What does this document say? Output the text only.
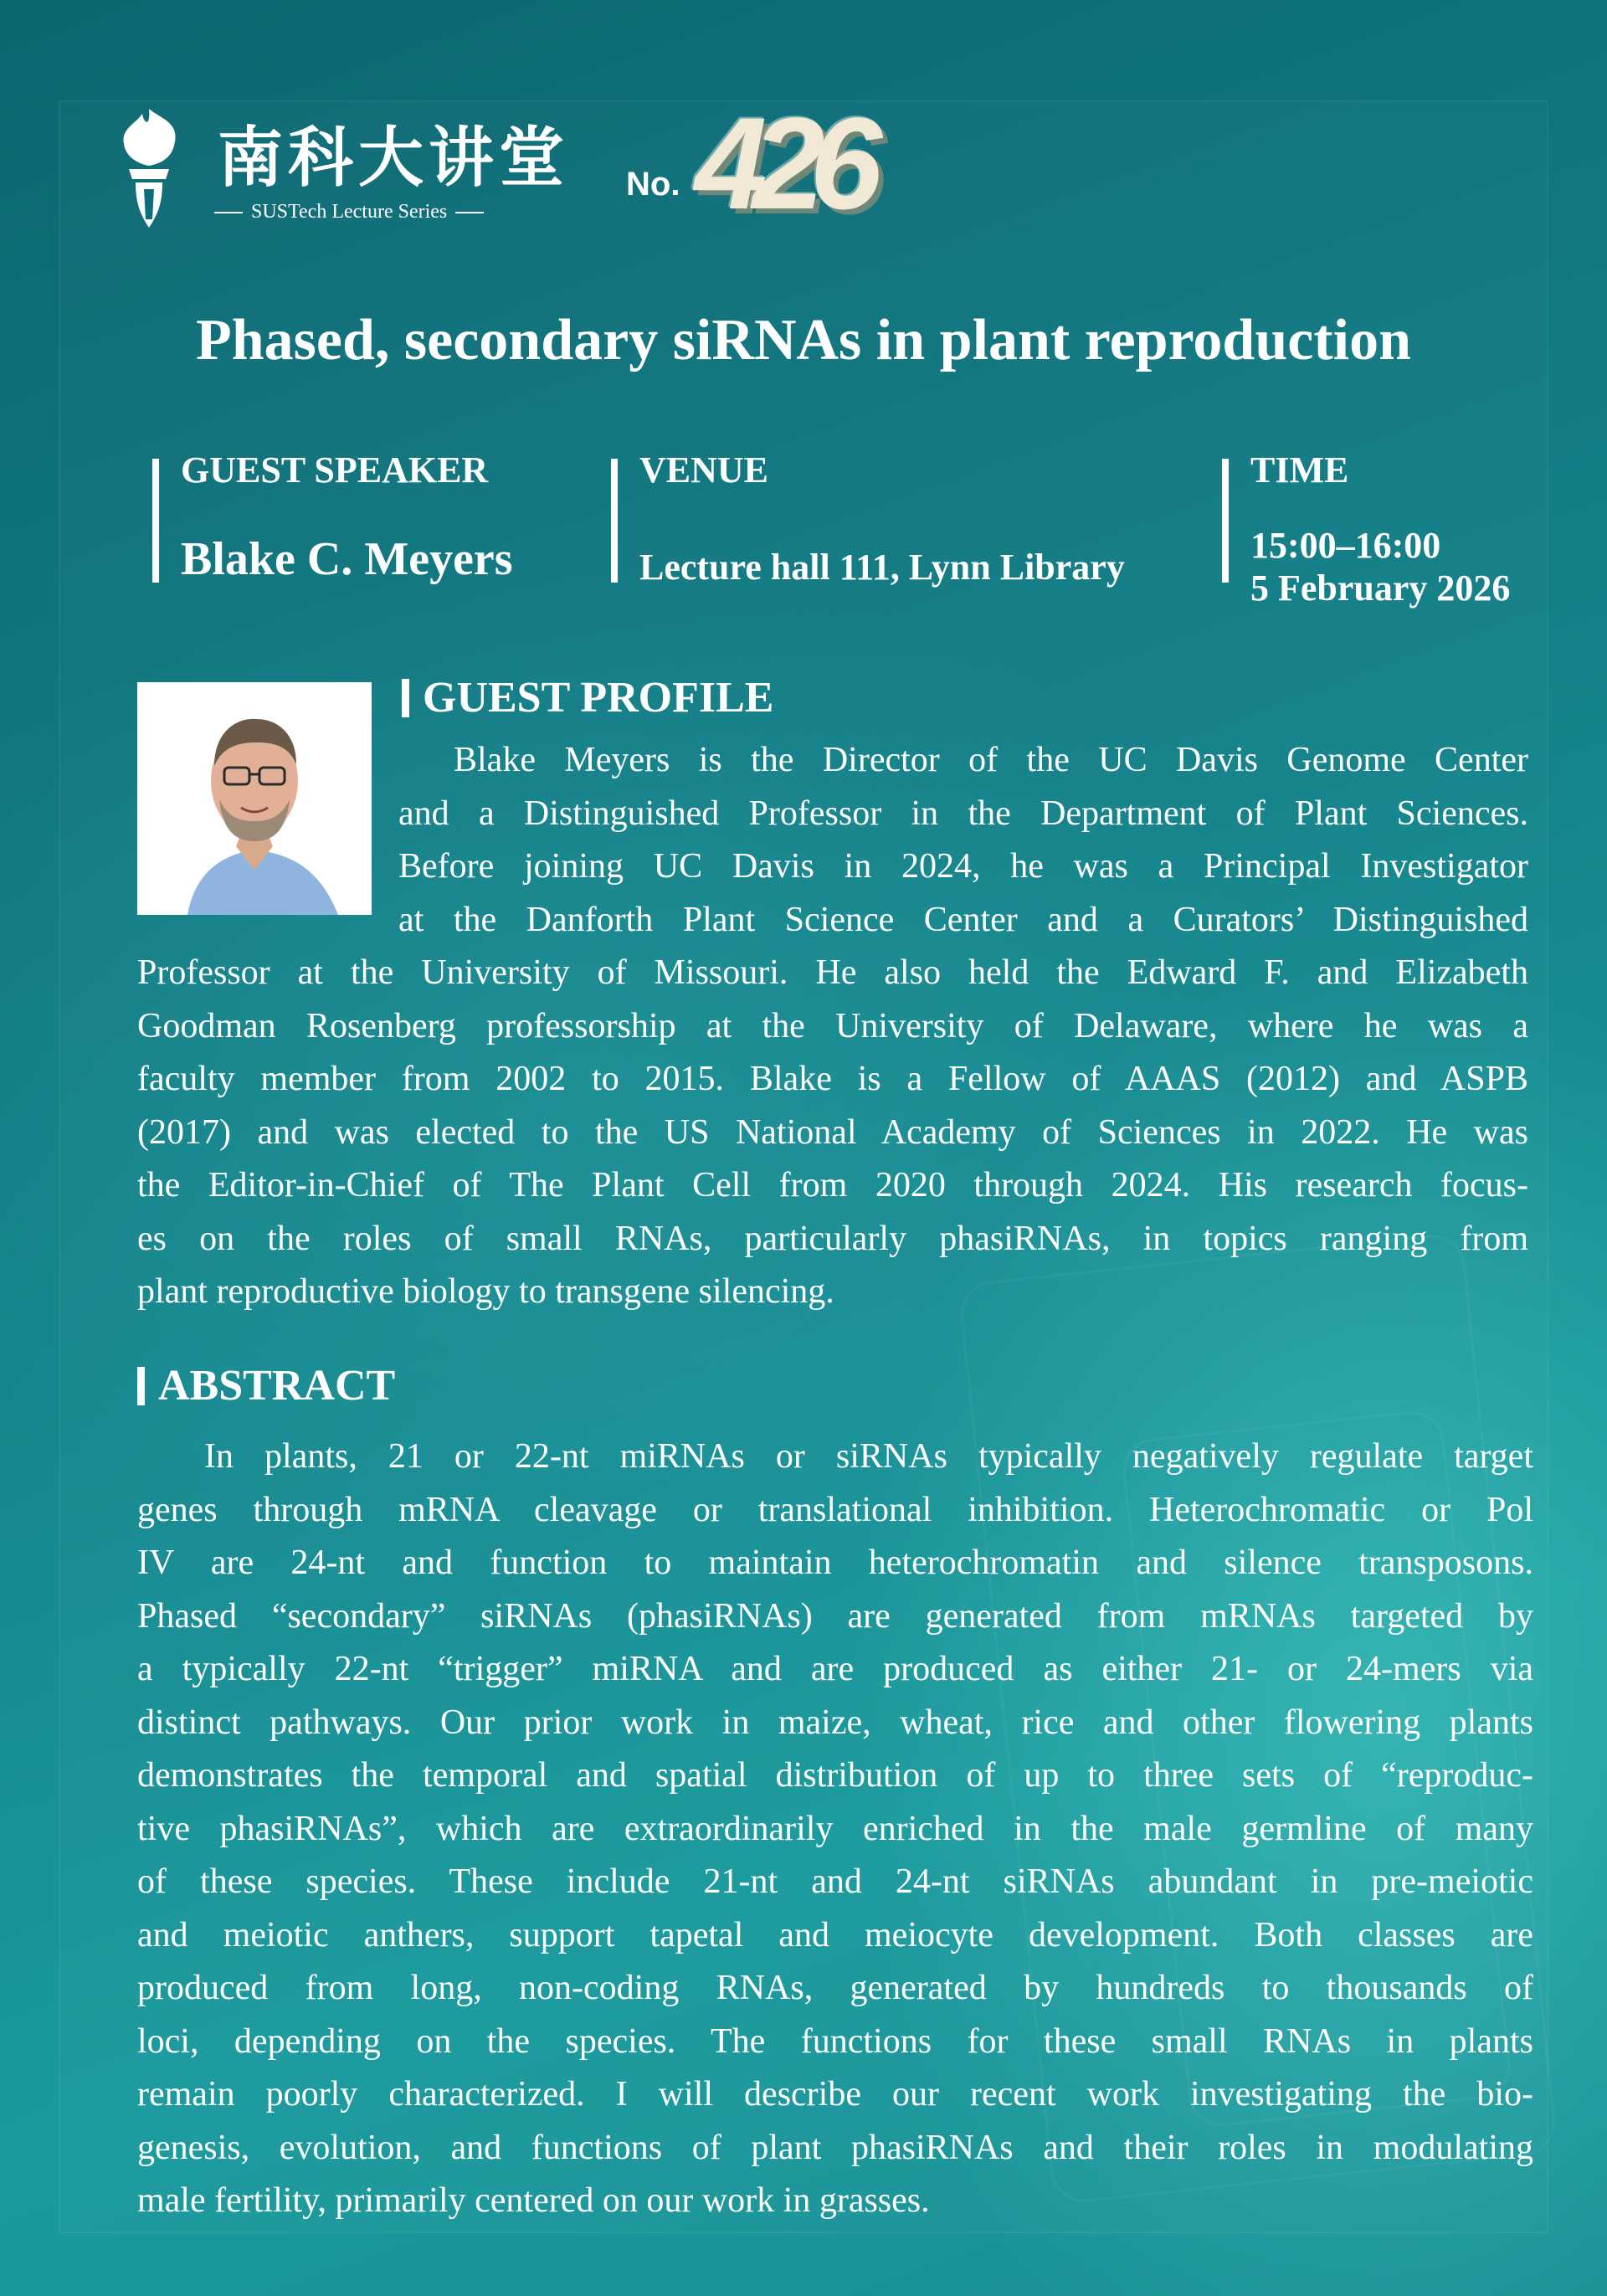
南科大讲堂
SUSTech Lecture Series
No. 426
Phased, secondary siRNAs in plant reproduction
GUEST SPEAKER
Blake C. Meyers
VENUE
Lecture hall 111, Lynn Library
TIME
15:00–16:00
5 February 2026
GUEST PROFILE
Blake Meyers is the Director of the UC Davis Genome Center
and a Distinguished Professor in the Department of Plant Sciences.
Before joining UC Davis in 2024, he was a Principal Investigator
at the Danforth Plant Science Center and a Curators’ Distinguished
Professor at the University of Missouri. He also held the Edward F. and Elizabeth
Goodman Rosenberg professorship at the University of Delaware, where he was a
faculty member from 2002 to 2015. Blake is a Fellow of AAAS (2012) and ASPB
(2017) and was elected to the US National Academy of Sciences in 2022. He was
the Editor-in-Chief of The Plant Cell from 2020 through 2024. His research focus-
es on the roles of small RNAs, particularly phasiRNAs, in topics ranging from
plant reproductive biology to transgene silencing.
ABSTRACT
In plants, 21 or 22-nt miRNAs or siRNAs typically negatively regulate target
genes through mRNA cleavage or translational inhibition. Heterochromatic or Pol
IV are 24-nt and function to maintain heterochromatin and silence transposons.
Phased “secondary” siRNAs (phasiRNAs) are generated from mRNAs targeted by
a typically 22-nt “trigger” miRNA and are produced as either 21- or 24-mers via
distinct pathways. Our prior work in maize, wheat, rice and other flowering plants
demonstrates the temporal and spatial distribution of up to three sets of “reproduc-
tive phasiRNAs”, which are extraordinarily enriched in the male germline of many
of these species. These include 21-nt and 24-nt siRNAs abundant in pre-meiotic
and meiotic anthers, support tapetal and meiocyte development. Both classes are
produced from long, non-coding RNAs, generated by hundreds to thousands of
loci, depending on the species. The functions for these small RNAs in plants
remain poorly characterized. I will describe our recent work investigating the bio-
genesis, evolution, and functions of plant phasiRNAs and their roles in modulating
male fertility, primarily centered on our work in grasses.
